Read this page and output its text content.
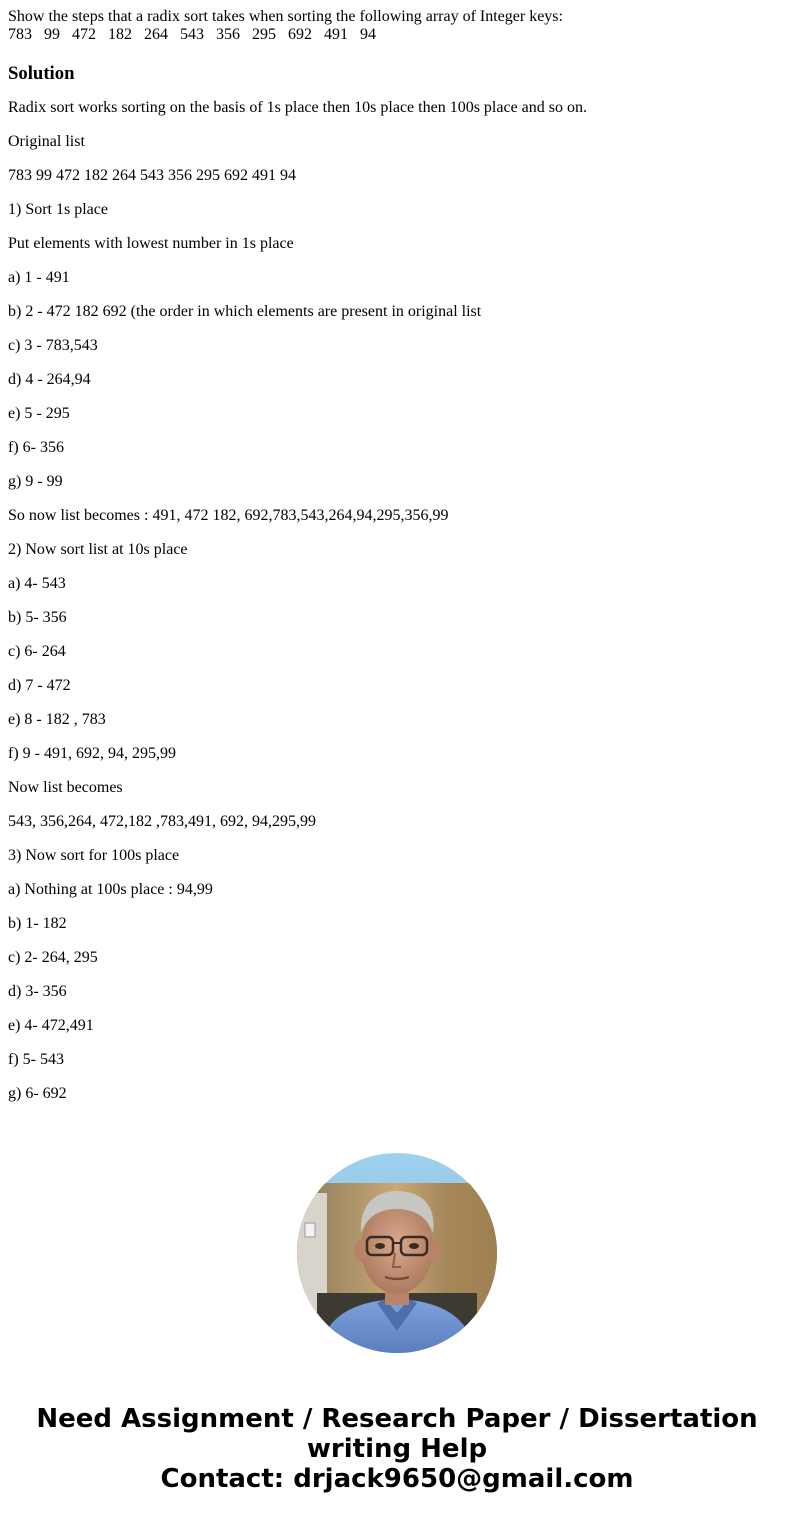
Show the steps that a radix sort takes when sorting the following array of Integer keys:

783   99   472   182   264   543   356   295   692   491   94

Solution

Radix sort works sorting on the basis of 1s place then 10s place then 100s place and so on.

Original list

783 99 472 182 264 543 356 295 692 491 94

1) Sort 1s place

Put elements with lowest number in 1s place

a) 1 - 491

b) 2 - 472 182 692 (the order in which elements are present in original list

c) 3 - 783,543

d) 4 - 264,94

e) 5 - 295

f) 6- 356

g) 9 - 99

So now list becomes : 491, 472 182, 692,783,543,264,94,295,356,99

2) Now sort list at 10s place

a) 4- 543

b) 5- 356

c) 6- 264

d) 7 - 472

e) 8 - 182 , 783

f) 9 - 491, 692, 94, 295,99

Now list becomes

543, 356,264, 472,182 ,783,491, 692, 94,295,99

3) Now sort for 100s place

a) Nothing at 100s place : 94,99

b) 1- 182

c) 2- 264, 295

d) 3- 356

e) 4- 472,491

f) 5- 543

g) 6- 692

Need Assignment / Research Paper / Dissertation
writing Help
Contact: drjack9650@gmail.com
